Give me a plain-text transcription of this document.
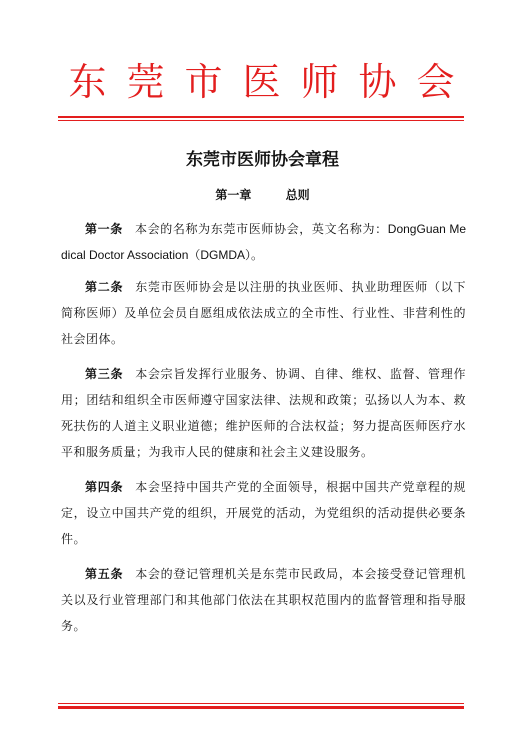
东莞市医师协会
东莞市医师协会章程
第一章	总则

第一条 本会的名称为东莞市医师协会，英文名称为：DongGuan Medical Doctor Association（DGMDA）。

第二条 东莞市医师协会是以注册的执业医师、执业助理医师（以下简称医师）及单位会员自愿组成依法成立的全市性、行业性、非营利性的社会团体。

第三条 本会宗旨发挥行业服务、协调、自律、维权、监督、管理作用；团结和组织全市医师遵守国家法律、法规和政策；弘扬以人为本、救死扶伤的人道主义职业道德；维护医师的合法权益；努力提高医师医疗水平和服务质量；为我市人民的健康和社会主义建设服务。

第四条 本会坚持中国共产党的全面领导，根据中国共产党章程的规定，设立中国共产党的组织，开展党的活动，为党组织的活动提供必要条件。

第五条 本会的登记管理机关是东莞市民政局，本会接受登记管理机关以及行业管理部门和其他部门依法在其职权范围内的监督管理和指导服务。
